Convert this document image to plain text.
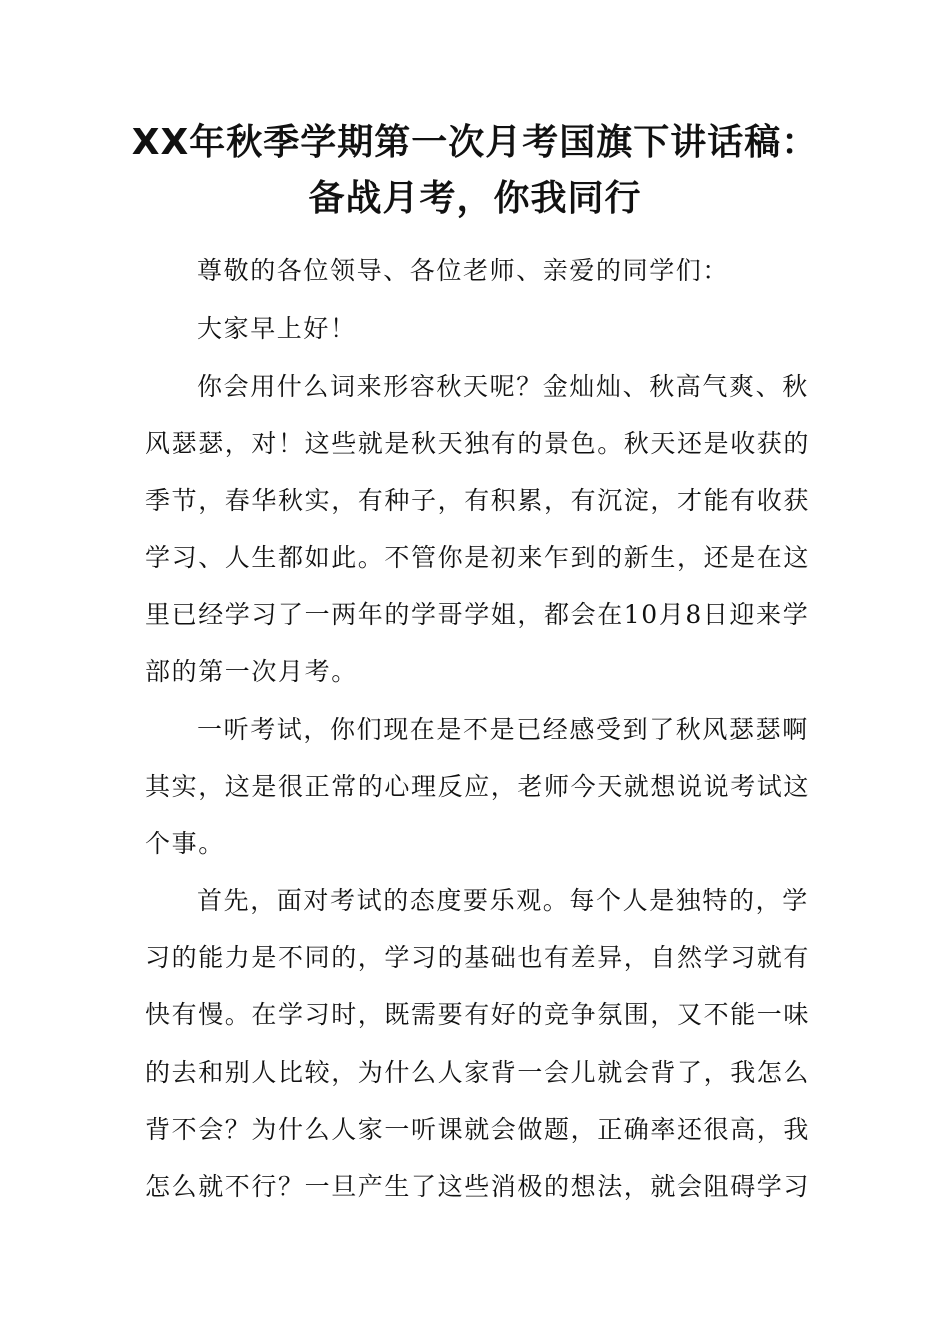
XX年秋季学期第一次月考国旗下讲话稿：
备战月考，你我同行
尊敬的各位领导、各位老师、亲爱的同学们：
大家早上好！
你会用什么词来形容秋天呢？金灿灿、秋高气爽、秋
风瑟瑟，对！这些就是秋天独有的景色。秋天还是收获的
季节，春华秋实，有种子，有积累，有沉淀，才能有收获
学习、人生都如此。不管你是初来乍到的新生，还是在这
里已经学习了一两年的学哥学姐，都会在10月8日迎来学
部的第一次月考。
一听考试，你们现在是不是已经感受到了秋风瑟瑟啊
其实，这是很正常的心理反应，老师今天就想说说考试这
个事。
首先，面对考试的态度要乐观。每个人是独特的，学
习的能力是不同的，学习的基础也有差异，自然学习就有
快有慢。在学习时，既需要有好的竞争氛围，又不能一味
的去和别人比较，为什么人家背一会儿就会背了，我怎么
背不会？为什么人家一听课就会做题，正确率还很高，我
怎么就不行？一旦产生了这些消极的想法，就会阻碍学习
